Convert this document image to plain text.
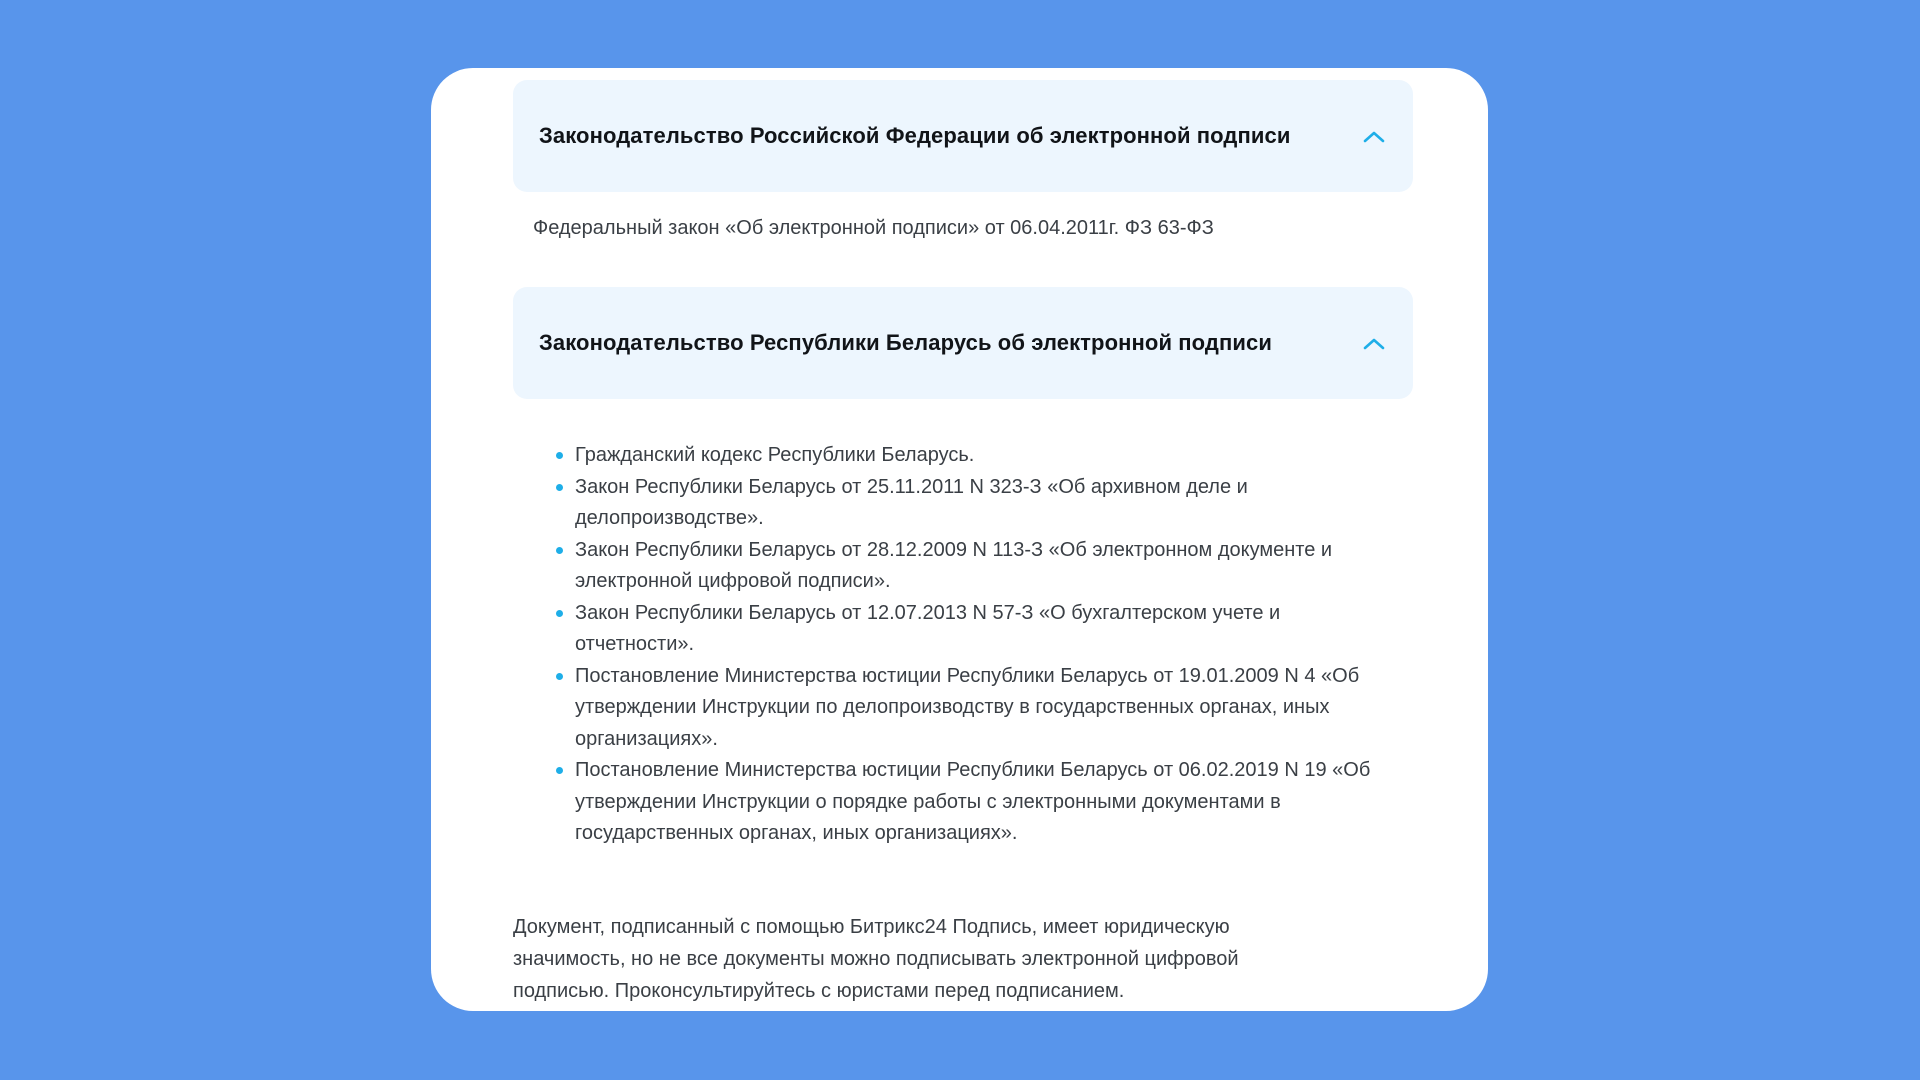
Законодательство Российской Федерации об электронной подписи
Федеральный закон «Об электронной подписи» от 06.04.2011г. ФЗ 63-ФЗ
Законодательство Республики Беларусь об электронной подписи
Гражданский кодекс Республики Беларусь.
Закон Республики Беларусь от 25.11.2011 N 323-З «Об архивном деле и делопроизводстве».
Закон Республики Беларусь от 28.12.2009 N 113-З «Об электронном документе и электронной цифровой подписи».
Закон Республики Беларусь от 12.07.2013 N 57-З «О бухгалтерском учете и отчетности».
Постановление Министерства юстиции Республики Беларусь от 19.01.2009 N 4 «Об утверждении Инструкции по делопроизводству в государственных органах, иных организациях».
Постановление Министерства юстиции Республики Беларусь от 06.02.2019 N 19 «Об утверждении Инструкции о порядке работы с электронными документами в государственных органах, иных организациях».

Документ, подписанный с помощью Битрикс24 Подпись, имеет юридическую значимость, но не все документы можно подписывать электронной цифровой подписью. Проконсультируйтесь с юристами перед подписанием.
